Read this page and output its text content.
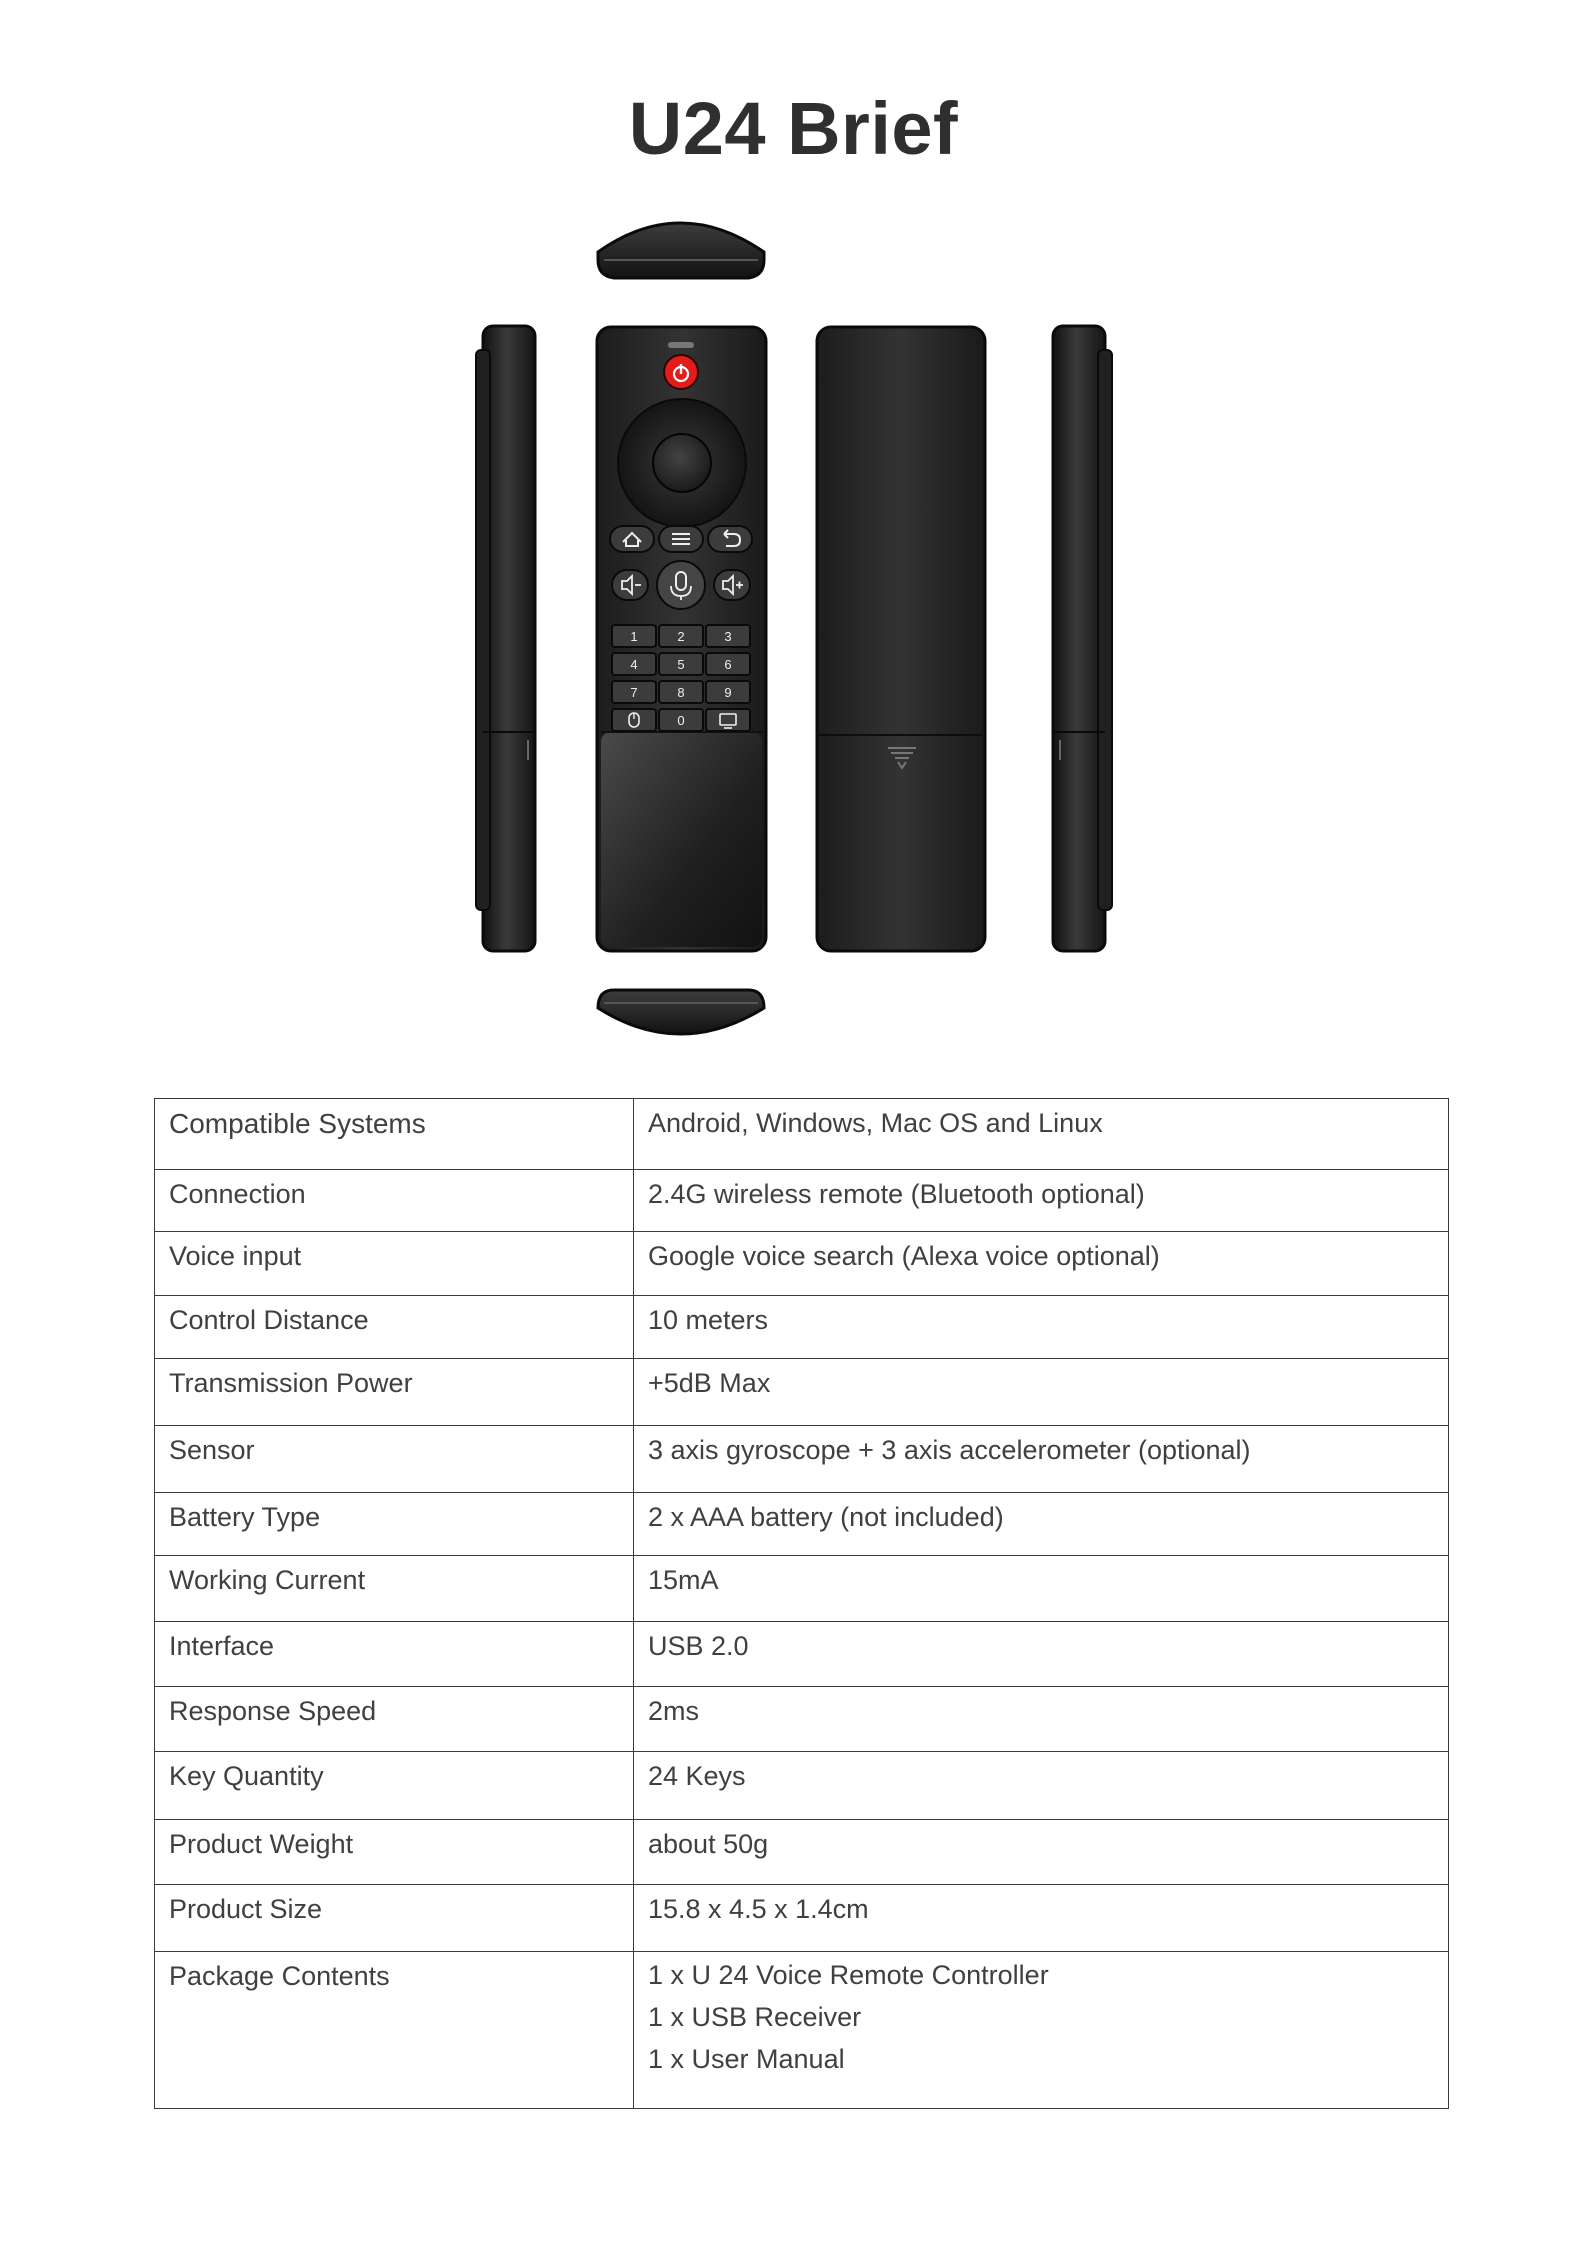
U24 Brief
1	2	3
4	5	6
7	8	9
0
Compatible Systems	Android, Windows, Mac OS and Linux

Connection	2.4G wireless remote (Bluetooth optional)

Voice input	Google voice search (Alexa voice optional)

Control Distance	10 meters

Transmission Power	+5dB Max

Sensor	3 axis gyroscope + 3 axis accelerometer (optional)

Battery Type	2 x AAA battery (not included)

Working Current	15mA

Interface	USB 2.0

Response Speed	2ms

Key Quantity	24 Keys

Product Weight	about 50g

Product Size	15.8 x 4.5 x 1.4cm

Package Contents	1 x U 24 Voice Remote Controller
1 x USB Receiver
1 x User Manual
